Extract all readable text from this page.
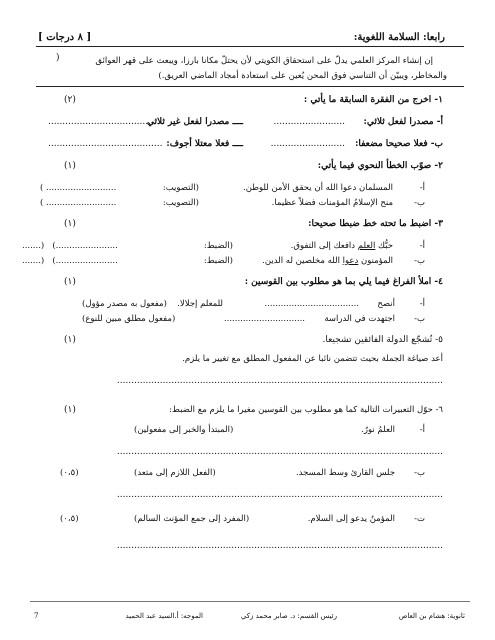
رابعا: السلامة اللغوية:
[ ٨ درجات ]
(	إن إنشاء المركز العلمي يدلّ على استحقاق الكويتي لأن يحتلّ مكانا بارزا، ويبعث على قهر العوائق
والمخاطر، ويبيّن أن التناسي فوق المحن يُعين على استعادة أمجاد الماضي العريق.)
١- اخرج من الفقرة السابقة ما يأتي :
(٢)
أ- مصدرا لفعل ثلاثي:
.........................
ــــ مصدرا لفعل غير ثلاثي
........................................
ب- فعلا صحيحا مضعفا:
..........................
ــــ فعلا معتلا أجوف:
........................................
٢- صوّب الخطأ النحوي فيما يأتي:
(١)
أ-
المسلمان دعوا الله أن يحقق الأمن للوطن.
(التصويب:
.......................... )
ب-
منح الإسلامُ المؤمنات فضلاً عظيما.
(التصويب:
.......................... )
٣- اضبط ما تحته خط ضبطا صحيحا:
(١)
أ-
حبُّك العلم دافعك إلى التفوق.
(الضبط:
.......................)   (.......
ب-
المؤمنون دعوا الله مخلصين له الدين.
(الضبط:
.......................)   (.......
٤- املأ الفراغ فيما يلي بما هو مطلوب بين القوسين :
(١)
أ-
أنصح
...................................
للمعلم إجلالا.
(مفعول به مصدر مؤول)
ب-
اجتهدت في الدراسة
..............................
(مفعول مطلق مبين للنوع)
٥- تُشجّع الدولة الفائقين تشجيعا.
(١)
أعد صياغة الجملة بحيث تتضمن نائبا عن المفعول المطلق مع تغيير ما يلزم.
..................................................................................................................
٦- حوّل التعبيرات التالية كما هو مطلوب بين القوسين مغيرا ما يلزم مع الضبط:
(١)
أ-
العلمُ نورٌ.
(المبتدأ والخبر إلى مفعولين)
..................................................................................................................
ب-
جلس القارئ وسط المسجد.
(الفعل اللازم إلى متعد)
(٠،٥)
..................................................................................................................
ت-
المؤمنُ يدعو إلى السلام.
(المفرد إلى جمع المؤنث السالم)
(٠،٥)
..................................................................................................................
ثانوية: هشام بن العاص
رئيس القسم: د. صابر محمد زكي
الموجه: أ.السيد عبد الحميد
7
